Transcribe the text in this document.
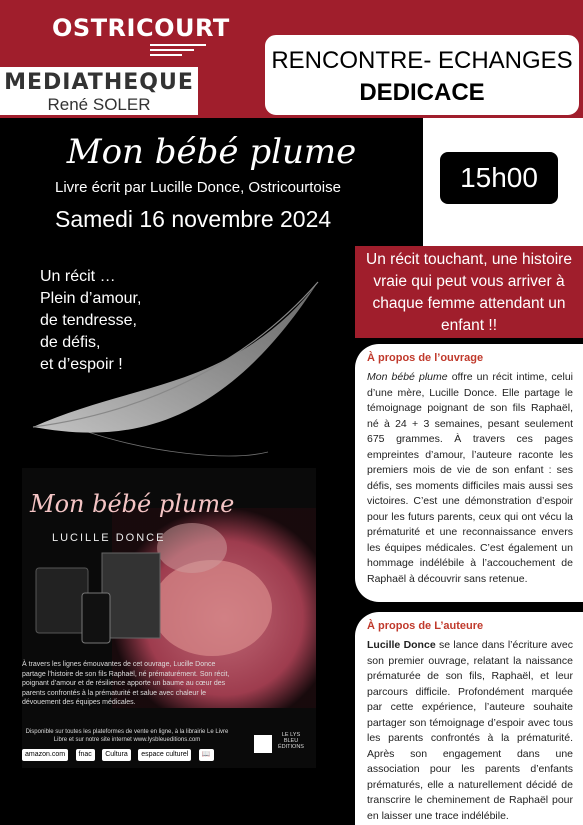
OSTRICOURT
MEDIATHEQUE
René SOLER
RENCONTRE- ECHANGES
DEDICACE
15h00
Mon bébé plume
Livre écrit par Lucille Donce, Ostricourtoise
Samedi 16 novembre 2024
Un récit …
Plein d’amour,
de tendresse,
de défis,
et d’espoir !
Un récit touchant, une histoire vraie qui peut vous arriver à chaque femme attendant un enfant !!
À propos de l’ouvrage
Mon bébé plume offre un récit intime, celui d’une mère, Lucille Donce. Elle partage le témoignage poignant de son fils Raphaël, né à 24 + 3 semaines, pesant seulement 675 grammes. À travers ces pages empreintes d’amour, l’auteure raconte les premiers mois de vie de son enfant : ses défis, ses moments difficiles mais aussi ses victoires. C’est une démonstration d’espoir pour les futurs parents, ceux qui ont vécu la prématurité et une reconnaissance envers les équipes médicales. C’est également un hommage indélébile à l’accouchement de Raphaël à découvrir sans retenue.
À propos de L’auteure
Lucille Donce se lance dans l’écriture avec son premier ouvrage, relatant la naissance prématurée de son fils, Raphaël, et leur parcours difficile. Profondément marquée par cette expérience, l’auteure souhaite partager son témoignage d’espoir avec tous les parents confrontés à la prématurité. Après son engagement dans une association pour les parents d’enfants prématurés, elle a naturellement décidé de transcrire le cheminement de Raphaël pour en laisser une trace indélébile.
Mon bébé plume
LUCILLE DONCE
À travers les lignes émouvantes de cet ouvrage, Lucille Donce partage l’histoire de son fils Raphaël, né prématurément. Son récit, poignant d’amour et de résilience apporte un baume au cœur des parents confrontés à la prématurité et salue avec chaleur le dévouement des équipes médicales.
Disponible sur toutes les plateformes de vente en ligne, à la librairie Le Livre Libre et sur notre site internet www.lysbleueditions.com
amazon.com fnac Cultura espace culturel 📖
LE LYS BLEU ÉDITIONS
